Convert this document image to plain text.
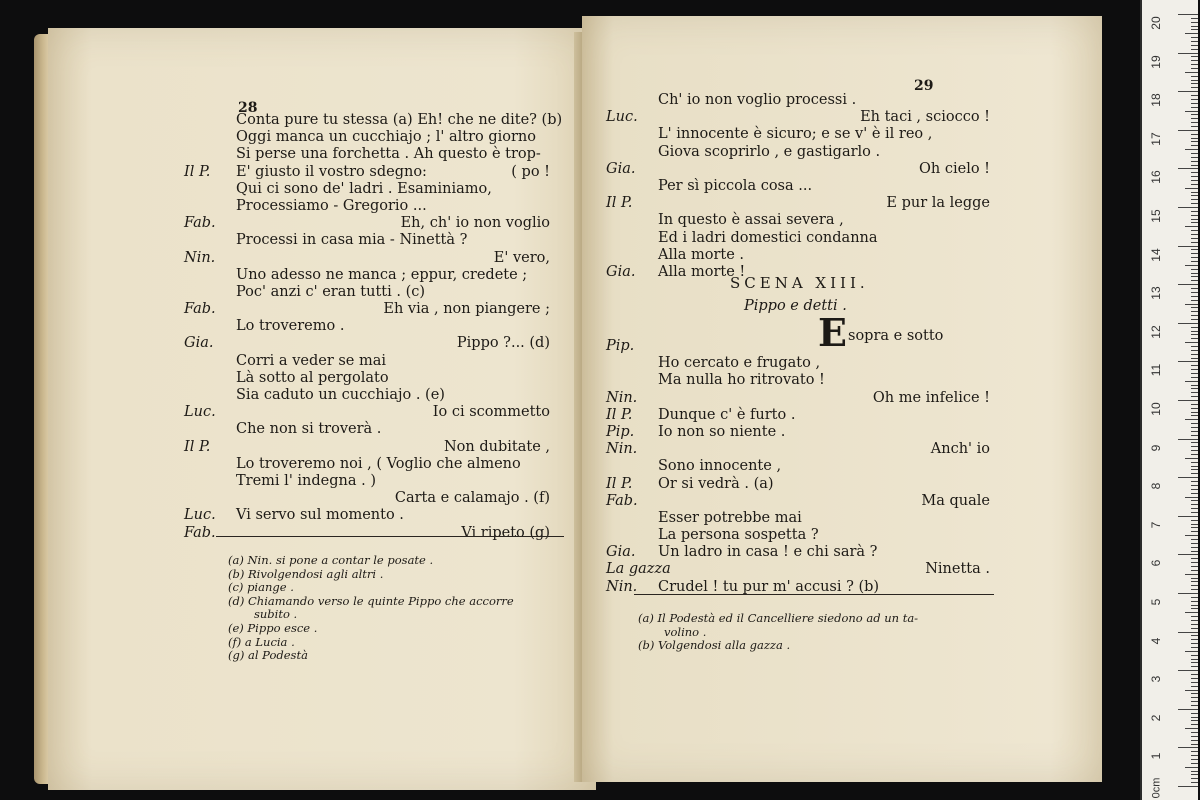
28
Conta pure tu stessa (a) Eh! che ne dite? (b)
Oggi manca un cucchiajo ; l' altro giorno
Si perse una forchetta . Ah questo è trop-
Il P. E' giusto il vostro sdegno:	( po !
Qui ci sono de' ladri . Esaminiamo,
Processiamo - Gregorio ...
Fab.	Eh, ch' io non voglio
Processi in casa mia - Ninettà ?
Nin.	E' vero,
Uno adesso ne manca ; eppur, credete ;
Poc' anzi c' eran tutti . (c)
Fab.	Eh via , non piangere ;
Lo troveremo .
Gia.	Pippo ?... (d)
Corri a veder se mai
Là sotto al pergolato
Sia caduto un cucchiajo . (e)
Luc.	Io ci scommetto
Che non si troverà .
Il P.	Non dubitate ,
Lo troveremo noi , ( Voglio che almeno
Tremi l' indegna . )
Carta e calamajo . (f)
Luc. Vi servo sul momento .
Fab.	Vi ripeto (g)
(a) Nin. si pone a contar le posate .
(b) Rivolgendosi agli altri .
(c) piange .
(d) Chiamando verso le quinte Pippo che accorre
subito .
(e) Pippo esce .
(f) a Lucia .
(g) al Podestà
29
Ch' io non voglio processi .
Luc.	Eh taci , sciocco !
L' innocente è sicuro; e se v' è il reo ,
Giova scoprirlo , e gastigarlo .
Gia.	Oh cielo !
Per sì piccola cosa ...
Il P.	E pur la legge
In questo è assai severa ,
Ed i ladri domestici condanna
Alla morte .
Gia. Alla morte !
SCENA XIII.
Pippo e detti .
E sopra e sotto
Pip.
Ho cercato e frugato ,
Ma nulla ho ritrovato !
Nin.	Oh me infelice !
Il P. Dunque c' è furto .
Pip. Io non so niente .
Nin.	Anch' io
Sono innocente ,
Il P. Or si vedrà . (a)
Fab.	Ma quale
Esser potrebbe mai
La persona sospetta ?
Gia. Un ladro in casa ! e chi sarà ?
La gazza	Ninetta .
Nin. Crudel ! tu pur m' accusi ? (b)
(a) Il Podestà ed il Cancelliere siedono ad un ta-
volino .
(b) Volgendosi alla gazza .
20
19
18
17
16
15
14
13
12
11
10
9
8
7
6
5
4
3
2
1
0cm
